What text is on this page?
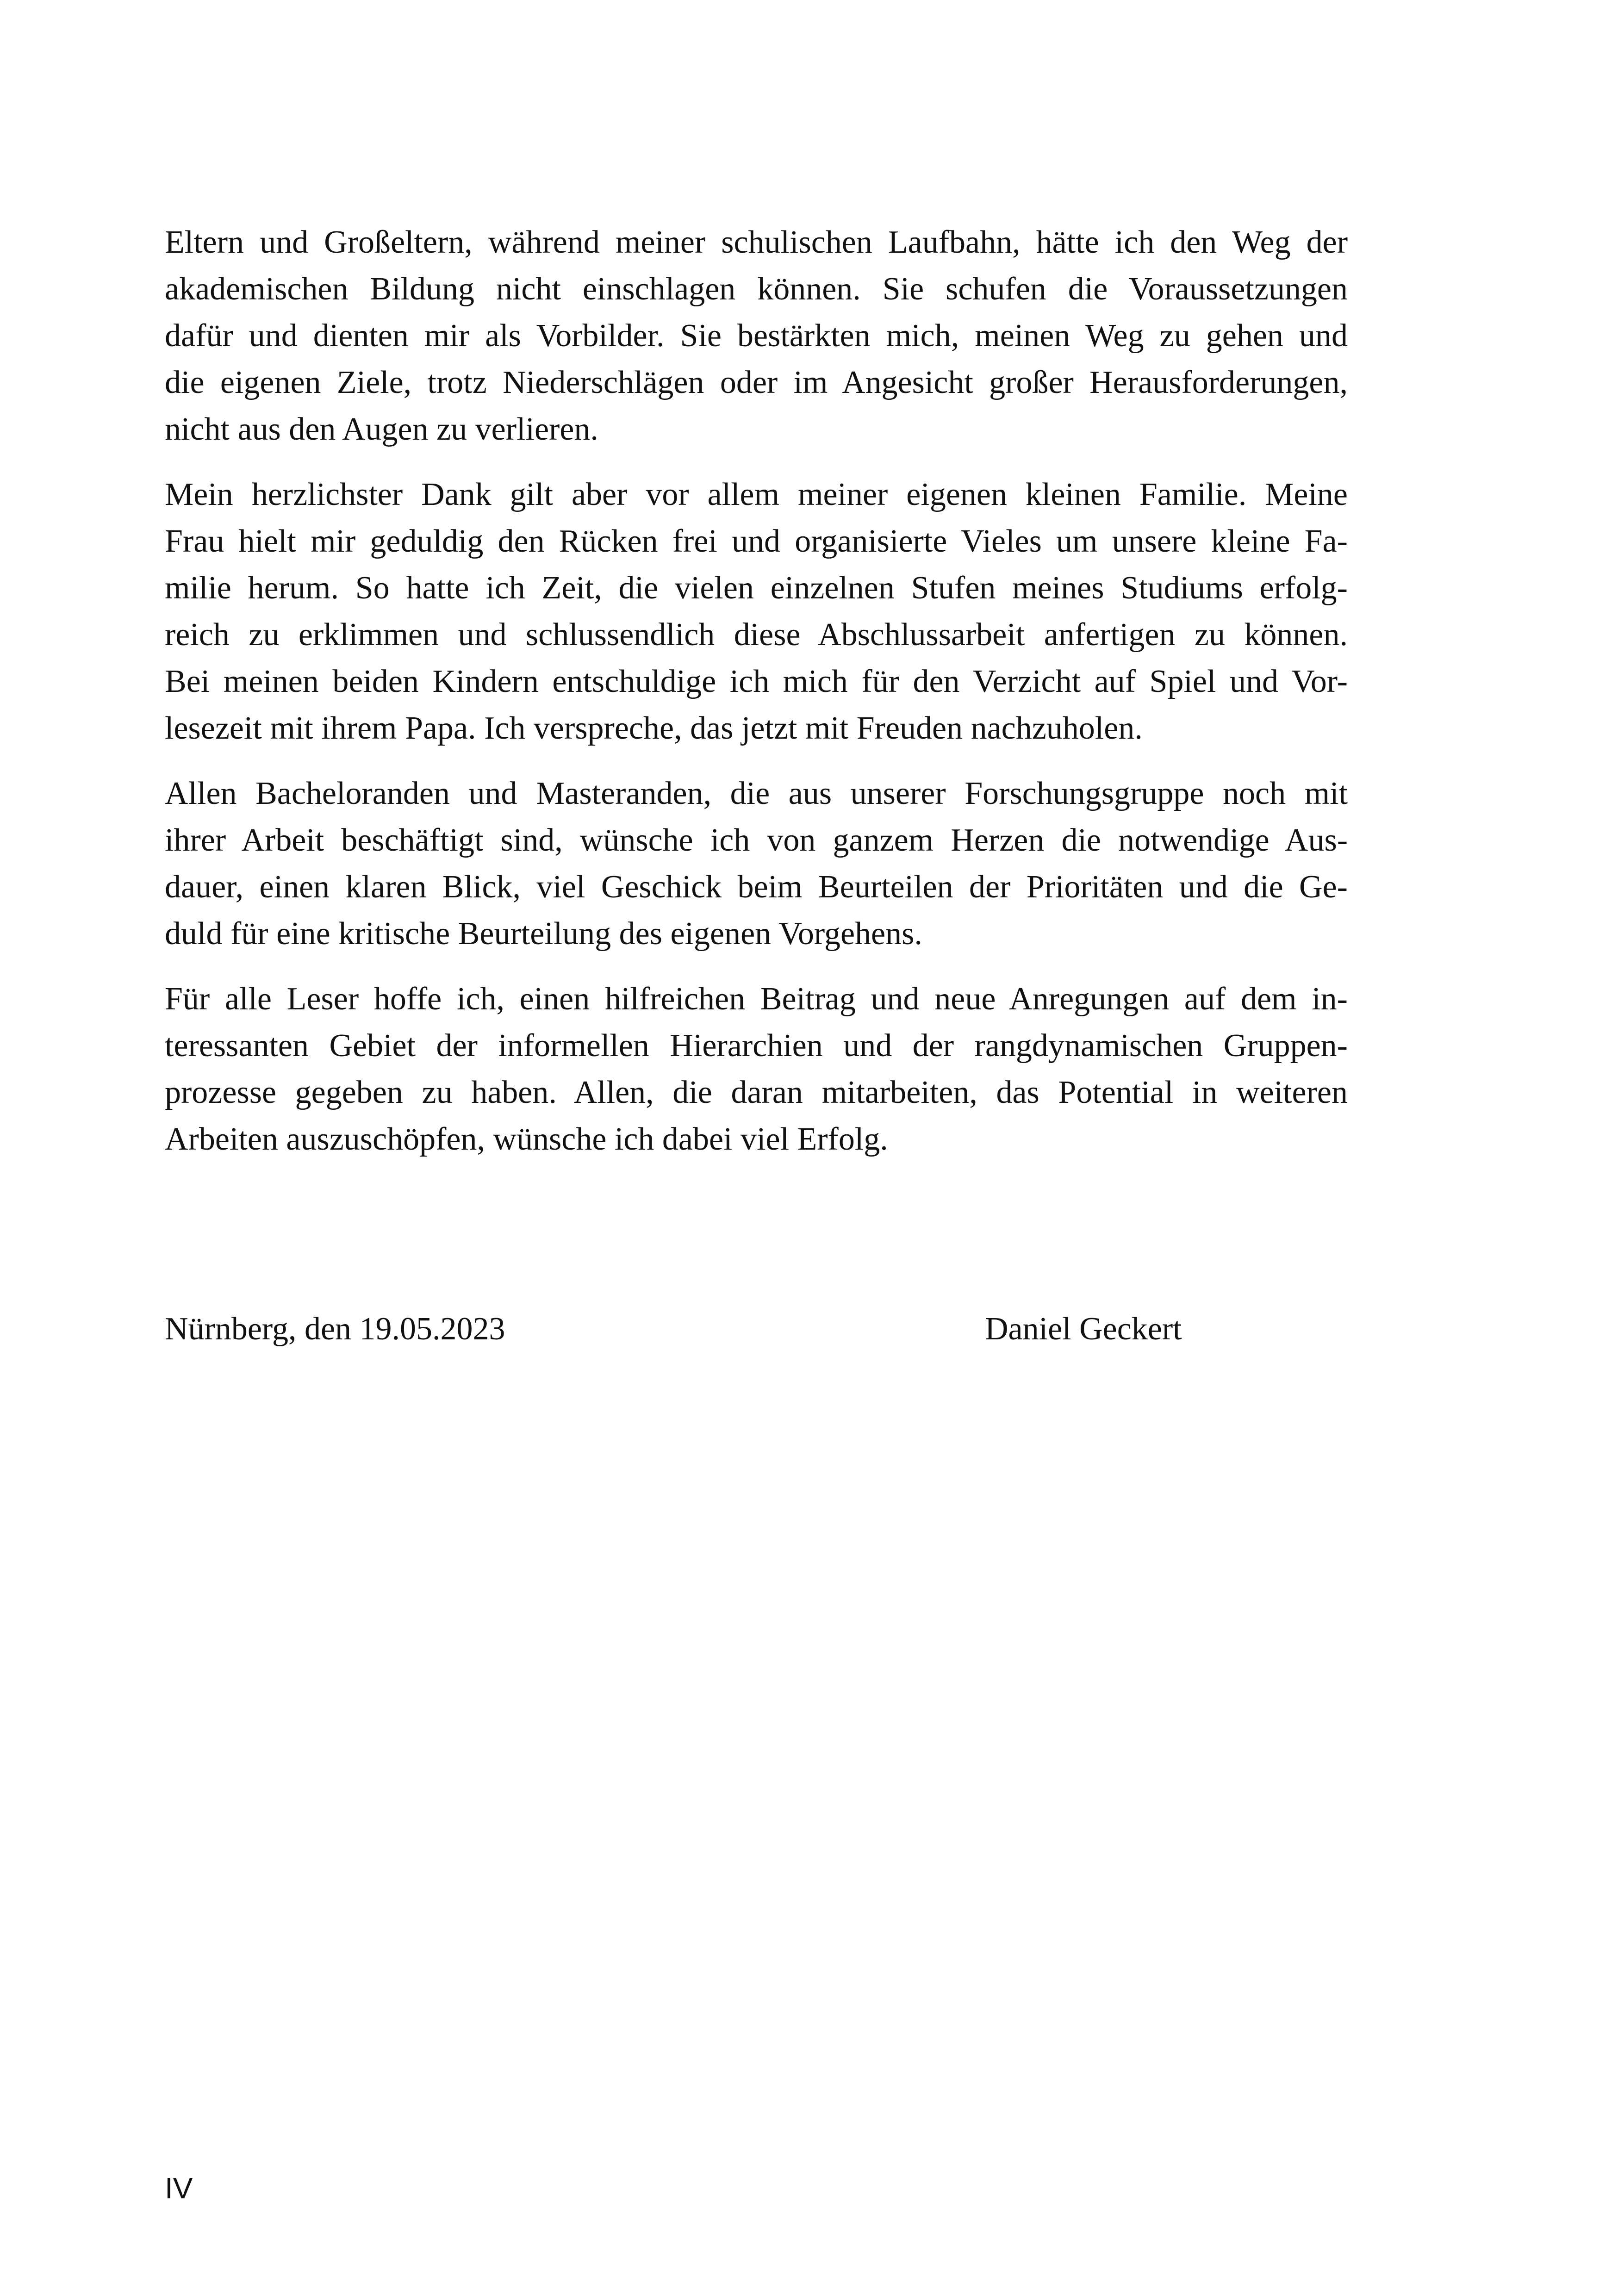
Eltern und Großeltern, während meiner schulischen Laufbahn, hätte ich den Weg der
akademischen Bildung nicht einschlagen können. Sie schufen die Voraussetzungen
dafür und dienten mir als Vorbilder. Sie bestärkten mich, meinen Weg zu gehen und
die eigenen Ziele, trotz Niederschlägen oder im Angesicht großer Herausforderungen,
nicht aus den Augen zu verlieren.

Mein herzlichster Dank gilt aber vor allem meiner eigenen kleinen Familie. Meine
Frau hielt mir geduldig den Rücken frei und organisierte Vieles um unsere kleine Fa-
milie herum. So hatte ich Zeit, die vielen einzelnen Stufen meines Studiums erfolg-
reich zu erklimmen und schlussendlich diese Abschlussarbeit anfertigen zu können.
Bei meinen beiden Kindern entschuldige ich mich für den Verzicht auf Spiel und Vor-
lesezeit mit ihrem Papa. Ich verspreche, das jetzt mit Freuden nachzuholen.

Allen Bacheloranden und Masteranden, die aus unserer Forschungsgruppe noch mit
ihrer Arbeit beschäftigt sind, wünsche ich von ganzem Herzen die notwendige Aus-
dauer, einen klaren Blick, viel Geschick beim Beurteilen der Prioritäten und die Ge-
duld für eine kritische Beurteilung des eigenen Vorgehens.

Für alle Leser hoffe ich, einen hilfreichen Beitrag und neue Anregungen auf dem in-
teressanten Gebiet der informellen Hierarchien und der rangdynamischen Gruppen-
prozesse gegeben zu haben. Allen, die daran mitarbeiten, das Potential in weiteren
Arbeiten auszuschöpfen, wünsche ich dabei viel Erfolg.

Nürnberg, den 19.05.2023	Daniel Geckert
IV
